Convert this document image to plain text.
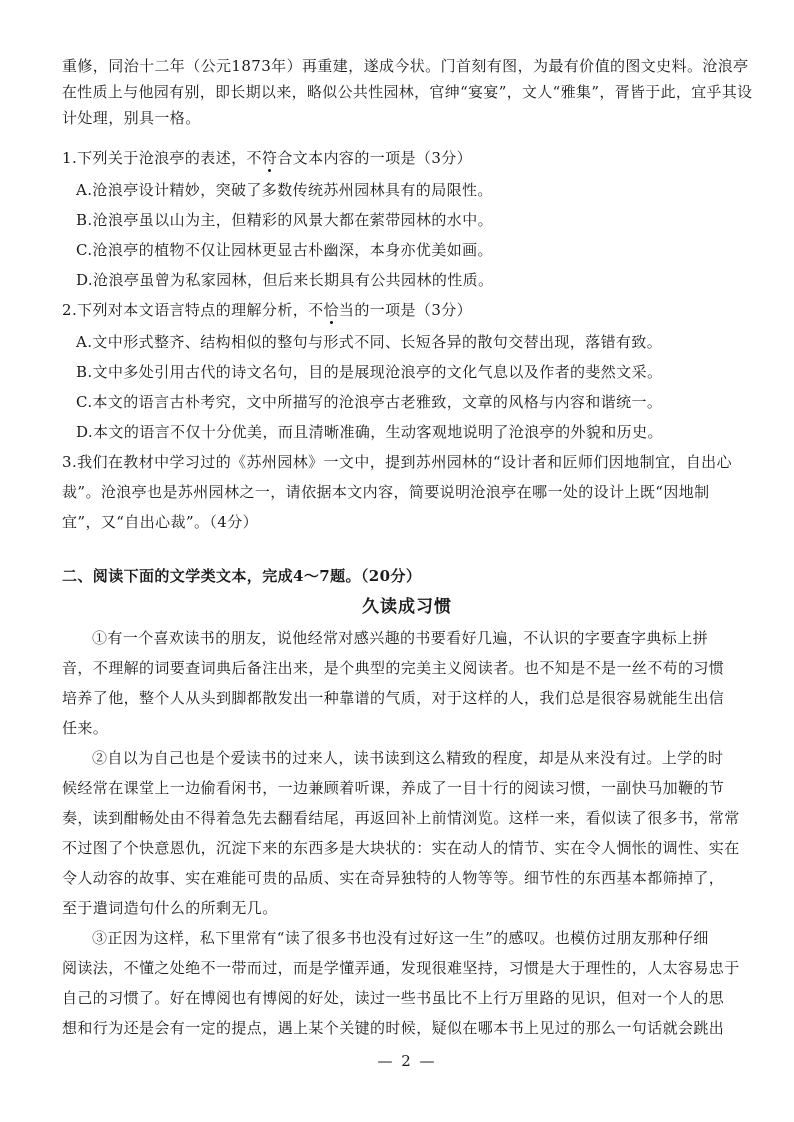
重修，同治十二年（公元1873年）再重建，遂成今状。门首刻有图，为最有价值的图文史料。沧浪亭
在性质上与他园有别，即长期以来，略似公共性园林，官绅“宴宴”，文人“雅集”，胥皆于此，宜乎其设
计处理，别具一格。
1.下列关于沧浪亭的表述，不符合文本内容的一项是（3分）
A.沧浪亭设计精妙，突破了多数传统苏州园林具有的局限性。
B.沧浪亭虽以山为主，但精彩的风景大都在萦带园林的水中。
C.沧浪亭的植物不仅让园林更显古朴幽深，本身亦优美如画。
D.沧浪亭虽曾为私家园林，但后来长期具有公共园林的性质。
2.下列对本文语言特点的理解分析，不恰当的一项是（3分）
A.文中形式整齐、结构相似的整句与形式不同、长短各异的散句交替出现，落错有致。
B.文中多处引用古代的诗文名句，目的是展现沧浪亭的文化气息以及作者的斐然文采。
C.本文的语言古朴考究，文中所描写的沧浪亭古老雅致，文章的风格与内容和谐统一。
D.本文的语言不仅十分优美，而且清晰准确，生动客观地说明了沧浪亭的外貌和历史。
3.我们在教材中学习过的《苏州园林》一文中，提到苏州园林的“设计者和匠师们因地制宜，自出心
裁”。沧浪亭也是苏州园林之一，请依据本文内容，简要说明沧浪亭在哪一处的设计上既“因地制
宜”，又“自出心裁”。（4分）
二、阅读下面的文学类文本，完成4～7题。（20分）
久读成习惯
①有一个喜欢读书的朋友，说他经常对感兴趣的书要看好几遍，不认识的字要查字典标上拼
音，不理解的词要查词典后备注出来，是个典型的完美主义阅读者。也不知是不是一丝不苟的习惯
培养了他，整个人从头到脚都散发出一种靠谱的气质，对于这样的人，我们总是很容易就能生出信
任来。
②自以为自己也是个爱读书的过来人，读书读到这么精致的程度，却是从来没有过。上学的时
候经常在课堂上一边偷看闲书，一边兼顾着听课，养成了一目十行的阅读习惯，一副快马加鞭的节
奏，读到酣畅处由不得着急先去翻看结尾，再返回补上前情浏览。这样一来，看似读了很多书，常常
不过图了个快意恩仇，沉淀下来的东西多是大块状的：实在动人的情节、实在令人惆怅的调性、实在
令人动容的故事、实在难能可贵的品质、实在奇异独特的人物等等。细节性的东西基本都筛掉了，
至于遣词造句什么的所剩无几。
③正因为这样，私下里常有“读了很多书也没有过好这一生”的感叹。也模仿过朋友那种仔细
阅读法，不懂之处绝不一带而过，而是学懂弄通，发现很难坚持，习惯是大于理性的，人太容易忠于
自己的习惯了。好在博阅也有博阅的好处，读过一些书虽比不上行万里路的见识，但对一个人的思
想和行为还是会有一定的提点，遇上某个关键的时候，疑似在哪本书上见过的那么一句话就会跳出
— 2 —
